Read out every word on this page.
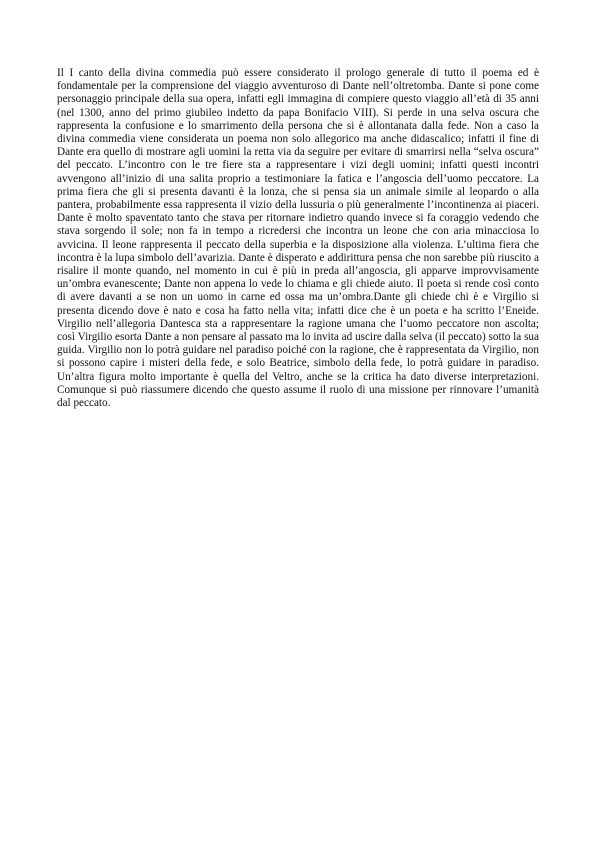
Il I canto della divina commedia può essere considerato il prologo generale di tutto il poema ed è fondamentale per la comprensione del viaggio avventuroso di Dante nell’oltretomba. Dante si pone come personaggio principale della sua opera, infatti egli immagina di compiere questo viaggio all’età di 35 anni (nel 1300, anno del primo giubileo indetto da papa Bonifacio VIII). Si perde in una selva oscura che rappresenta la confusione e lo smarrimento della persona che si è allontanata dalla fede. Non a caso la divina commedia viene considerata un poema non solo allegorico ma anche didascalico; infatti il fine di Dante era quello di mostrare agli uomini la retta via da seguire per evitare di smarrirsi nella “selva oscura” del peccato. L’incontro con le tre fiere sta a rappresentare i vizi degli uomini; infatti questi incontri avvengono all’inizio di una salita proprio a testimoniare la fatica e l’angoscia dell’uomo peccatore. La prima fiera che gli si presenta davanti è la lonza, che si pensa sia un animale simile al leopardo o alla pantera, probabilmente essa rappresenta il vizio della lussuria o più generalmente l’incontinenza ai piaceri. Dante è molto spaventato tanto che stava per ritornare indietro quando invece si fa coraggio vedendo che stava sorgendo il sole; non fa in tempo a ricredersi che incontra un leone che con aria minacciosa lo avvicina. Il leone rappresenta il peccato della superbia e la disposizione alla violenza. L’ultima fiera che incontra è la lupa simbolo dell’avarizia. Dante è disperato e addirittura pensa che non sarebbe più riuscito a risalire il monte quando, nel momento in cui è più in preda all’angoscia, gli apparve improvvisamente un’ombra evanescente; Dante non appena lo vede lo chiama e gli chiede aiuto. Il poeta si rende così conto di avere davanti a se non un uomo in carne ed ossa ma un’ombra.Dante gli chiede chi è e Virgilio si presenta dicendo dove è nato e cosa ha fatto nella vita; infatti dice che è un poeta e ha scritto l’Eneide. Virgilio nell’allegoria Dantesca sta a rappresentare la ragione umana che l’uomo peccatore non ascolta; così Virgilio esorta Dante a non pensare al passato ma lo invita ad uscire dalla selva (il peccato) sotto la sua guida. Virgilio non lo potrà guidare nel paradiso poiché con la ragione, che è rappresentata da Virgilio, non si possono capire i misteri della fede, e solo Beatrice, simbolo della fede, lo potrà guidare in paradiso. Un’altra figura molto importante è quella del Veltro, anche se la critica ha dato diverse interpretazioni. Comunque si può riassumere dicendo che questo assume il ruolo di una missione per rinnovare l’umanità dal peccato.
